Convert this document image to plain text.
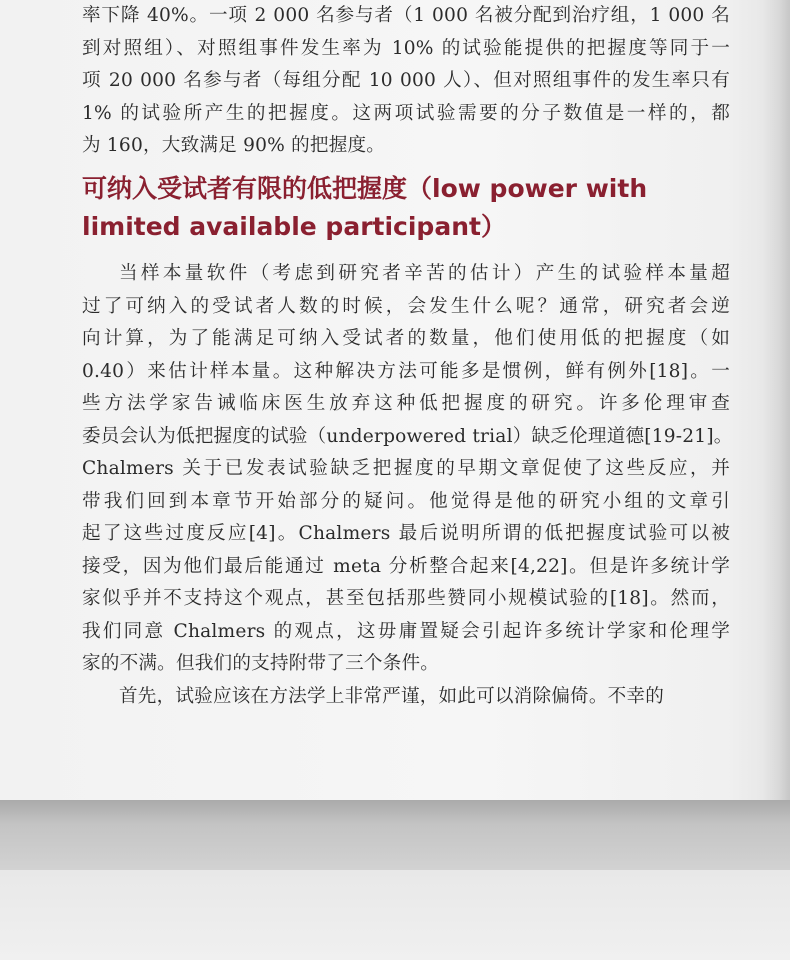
率下降 40%。一项 2 000 名参与者（1 000 名被分配到治疗组，1 000 名
到对照组）、对照组事件发生率为 10% 的试验能提供的把握度等同于一
项 20 000 名参与者（每组分配 10 000 人）、但对照组事件的发生率只有
1% 的试验所产生的把握度。这两项试验需要的分子数值是一样的，都
为 160，大致满足 90% 的把握度。
可纳入受试者有限的低把握度（low power with
limited available participant）
当样本量软件（考虑到研究者辛苦的估计）产生的试验样本量超
过了可纳入的受试者人数的时候，会发生什么呢？通常，研究者会逆
向计算，为了能满足可纳入受试者的数量，他们使用低的把握度（如
0.40）来估计样本量。这种解决方法可能多是惯例，鲜有例外[18]。一
些方法学家告诫临床医生放弃这种低把握度的研究。许多伦理审查
委员会认为低把握度的试验（underpowered trial）缺乏伦理道德[19-21]。
Chalmers 关于已发表试验缺乏把握度的早期文章促使了这些反应，并
带我们回到本章节开始部分的疑问。他觉得是他的研究小组的文章引
起了这些过度反应[4]。Chalmers 最后说明所谓的低把握度试验可以被
接受，因为他们最后能通过 meta 分析整合起来[4,22]。但是许多统计学
家似乎并不支持这个观点，甚至包括那些赞同小规模试验的[18]。然而，
我们同意 Chalmers 的观点，这毋庸置疑会引起许多统计学家和伦理学
家的不满。但我们的支持附带了三个条件。
首先，试验应该在方法学上非常严谨，如此可以消除偏倚。不幸的
